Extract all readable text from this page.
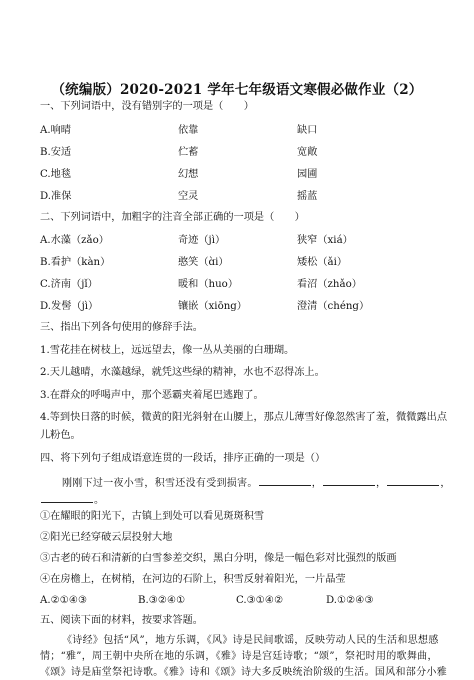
（统编版）2020-2021 学年七年级语文寒假必做作业（2）
一、下列词语中，没有错别字的一项是（　　）
A.响晴	依靠	缺口
B.安适	伫蓄	宽敞
C.地毯	幻想	园圃
D.准保	空灵	摇蓝
二、下列词语中，加粗字的注音全部正确的一项是（　　）
A.水藻（zǎo）	奇迹（jì）	狭窄（xiá）
B.看护（kàn）	憨笑（ɑ̀i）	矮松（ǎi）
C.济南（jǐ）	暖和（huo）	看沼（zhǎo）
D.发髻（jì）	镶嵌（xiōng）	澄清（chéng）
三、指出下列各句使用的修辞手法。
1.雪花挂在树枝上，远远望去，像一丛从美丽的白珊瑚。
2.天儿越晴，水藻越绿，就凭这些绿的精神，水也不忍得冻上。
3.在群众的呼喝声中，那个恶霸夹着尾巴逃跑了。
4.等到快日落的时候，微黄的阳光斜射在山腰上，那点儿薄雪好像忽然害了羞，微微露出点
儿粉色。
四、将下列句子组成语意连贯的一段话，排序正确的一项是（）
刚刚下过一夜小雪，积雪还没有受到损害。	，	，	，
。
①在耀眼的阳光下，古镇上到处可以看见斑斑积雪
②阳光已经穿破云层投射大地
③古老的砖石和清新的白雪参差交织，黑白分明，像是一幅色彩对比强烈的版画
④在房檐上，在树梢，在河边的石阶上，积雪反射着阳光，一片晶莹
A.②①④③	B.③②④①	C.③①④②	D.①②④③
五、阅读下面的材料，按要求答题。
《诗经》包括“风”，地方乐调，《风》诗是民间歌谣，反映劳动人民的生活和思想感
情；“雅”，周王朝中央所在地的乐调，《雅》诗是宫廷诗歌；“颂”，祭祀时用的歌舞曲，
《颂》诗是庙堂祭祀诗歌。《雅》诗和《颂》诗大多反映统治阶级的生活。国风和部分小雅
